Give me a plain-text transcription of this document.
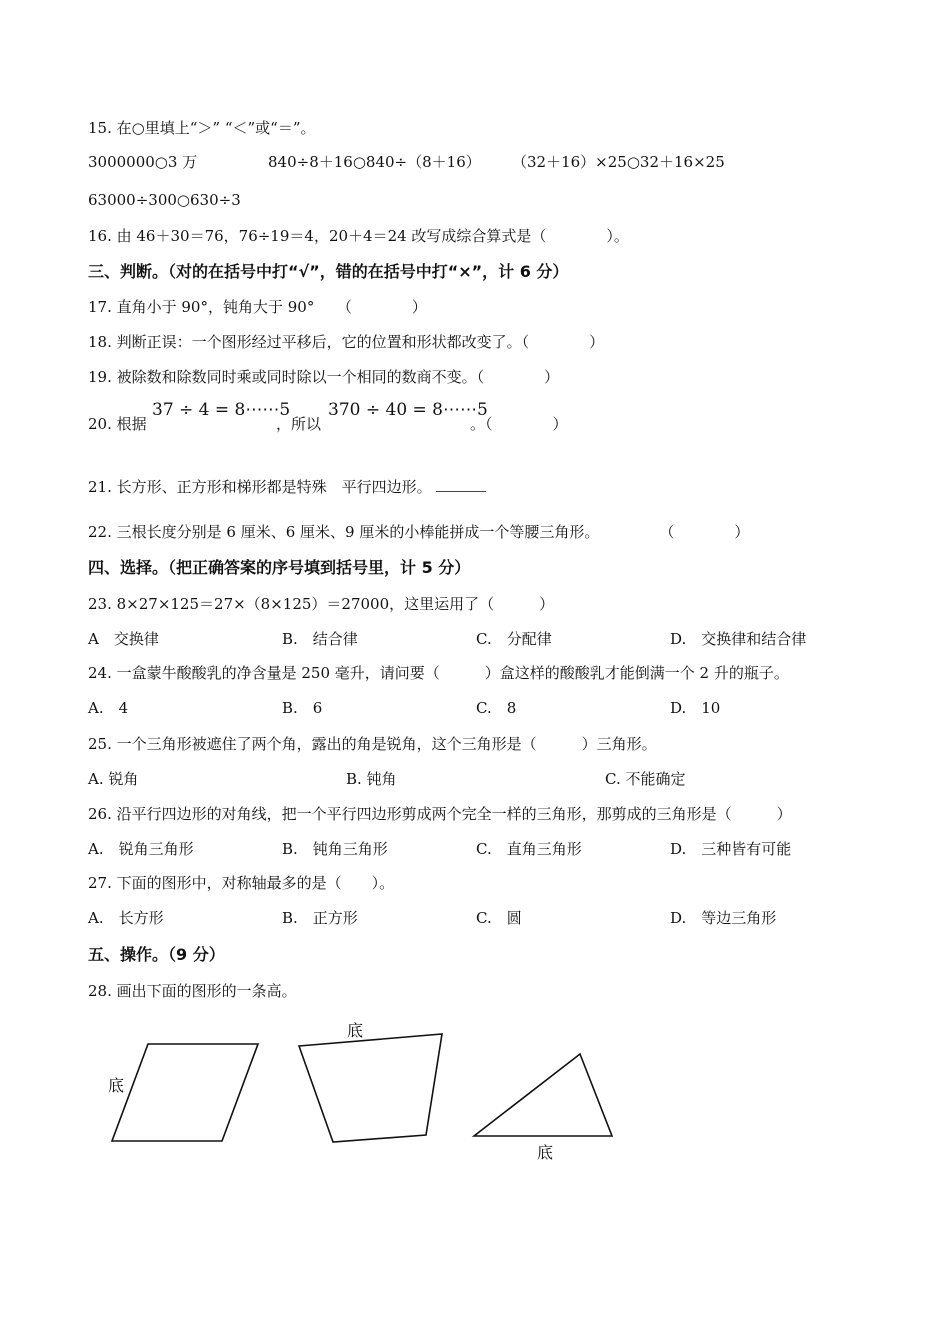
15. 在○里填上“＞” “＜”或“＝”。
3000000○3 万	840÷8＋16○840÷（8＋16） （32＋16）×25○32＋16×25
63000÷300○630÷3
16. 由 46＋30＝76，76÷19＝4，20＋4＝24 改写成综合算式是（　　　　）。
三、判断。（对的在括号中打“√”，错的在括号中打“×”，计 6 分）
17. 直角小于 90°，钝角大于 90°　　（　　　　）
18. 判断正误：一个图形经过平移后，它的位置和形状都改变了。（　　　　）
19. 被除数和除数同时乘或同时除以一个相同的数商不变。（　　　　）
20. 根据
37 ÷ 4 = 8⋯⋯5
，所以
370 ÷ 40 = 8⋯⋯5
。（　　　　）
21. 长方形、正方形和梯形都是特殊　平行四边形。
22. 三根长度分别是 6 厘米、6 厘米、9 厘米的小棒能拼成一个等腰三角形。　　　　　（　　　　）
四、选择。（把正确答案的序号填到括号里，计 5 分）
23. 8×27×125＝27×（8×125）＝27000，这里运用了（　　　）
A　交换律	B.　结合律	C.　分配律	D.　交换律和结合律
24. 一盒蒙牛酸酸乳的净含量是 250 毫升，请问要（　　　）盒这样的酸酸乳才能倒满一个 2 升的瓶子。
A.　4	B.　6	C.　8	D.　10
25. 一个三角形被遮住了两个角，露出的角是锐角，这个三角形是（　　　）三角形。
A. 锐角	B. 钝角	C. 不能确定
26. 沿平行四边形的对角线，把一个平行四边形剪成两个完全一样的三角形，那剪成的三角形是（　　　）
A.　锐角三角形	B.　钝角三角形	C.　直角三角形	D.　三种皆有可能
27. 下面的图形中，对称轴最多的是（　　）。
A.　长方形	B.　正方形	C.　圆	D.　等边三角形
五、操作。（9 分）
28. 画出下面的图形的一条高。
底
底
底
